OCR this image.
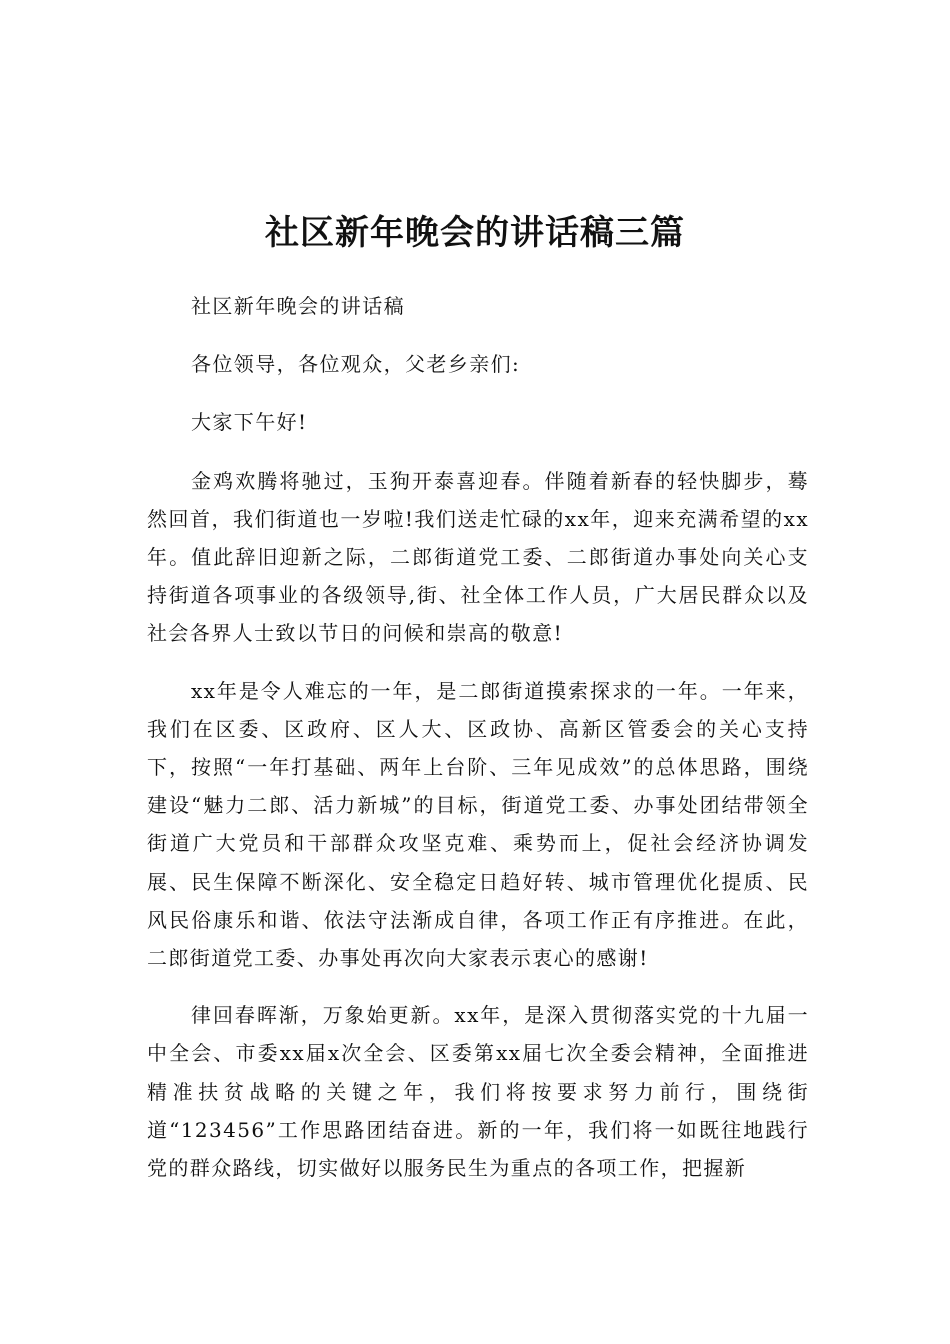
社区新年晚会的讲话稿三篇

社区新年晚会的讲话稿

各位领导，各位观众，父老乡亲们:

大家下午好!

金鸡欢腾将驰过，玉狗开泰喜迎春。伴随着新春的轻快脚步，蓦然回首，我们街道也一岁啦!我们送走忙碌的xx年，迎来充满希望的xx年。值此辞旧迎新之际，二郎街道党工委、二郎街道办事处向关心支持街道各项事业的各级领导,街、社全体工作人员，广大居民群众以及社会各界人士致以节日的问候和崇高的敬意!

xx年是令人难忘的一年，是二郎街道摸索探求的一年。一年来，我们在区委、区政府、区人大、区政协、高新区管委会的关心支持下，按照“一年打基础、两年上台阶、三年见成效”的总体思路，围绕建设“魅力二郎、活力新城”的目标，街道党工委、办事处团结带领全街道广大党员和干部群众攻坚克难、乘势而上，促社会经济协调发展、民生保障不断深化、安全稳定日趋好转、城市管理优化提质、民风民俗康乐和谐、依法守法渐成自律，各项工作正有序推进。在此，二郎街道党工委、办事处再次向大家表示衷心的感谢!

律回春晖渐，万象始更新。xx年，是深入贯彻落实党的十九届一中全会、市委xx届x次全会、区委第xx届七次全委会精神，全面推进精准扶贫战略的关键之年，我们将按要求努力前行，围绕街道“123456”工作思路团结奋进。新的一年，我们将一如既往地践行党的群众路线，切实做好以服务民生为重点的各项工作，把握新
